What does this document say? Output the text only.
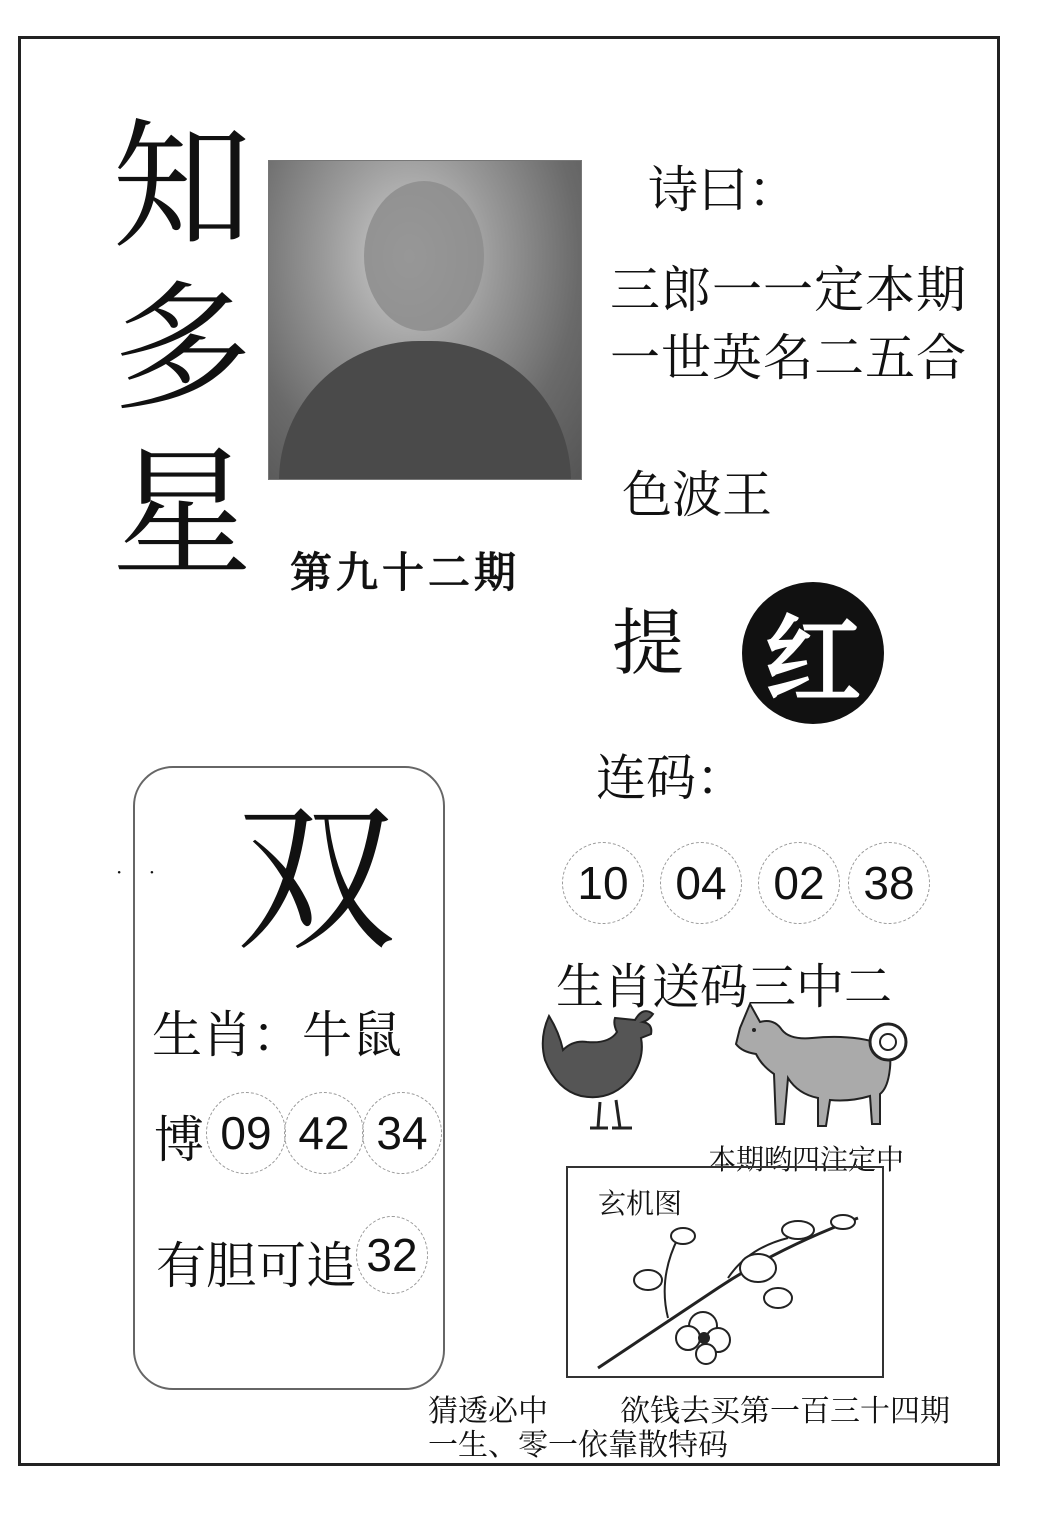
知
多
星 第九十二期
诗曰：
三郎一一定本期
一世英名二五合
色波王
提 红
连码：
10 04 02 38
生肖送码三中二
本期哟四注定中
· · 双
生肖：牛鼠
博 09 42 34
有胆可追 32
玄机图
猜透必中 欲钱去买第一百三十四期
一生、零一依靠散特码
